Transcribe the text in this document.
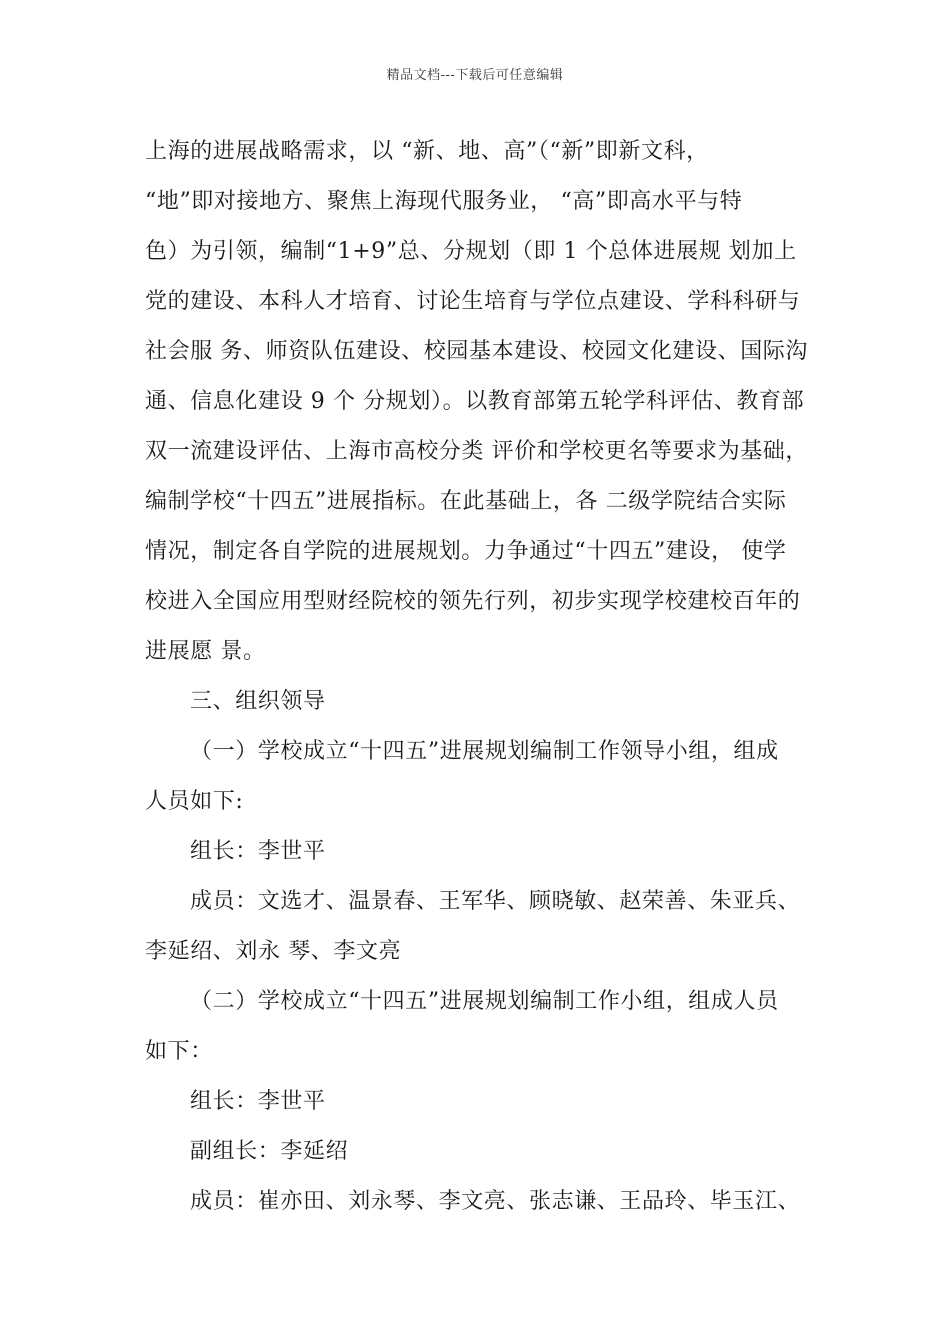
精品文档---下载后可任意编辑
上海的进展战略需求，以 “新、地、高”（“新”即新文科，
“地”即对接地方、聚焦上海现代服务业， “高”即高水平与特
色）为引领，编制“1+9”总、分规划（即 1 个总体进展规 划加上
党的建设、本科人才培育、讨论生培育与学位点建设、学科科研与
社会服 务、师资队伍建设、校园基本建设、校园文化建设、国际沟
通、信息化建设 9 个 分规划）。以教育部第五轮学科评估、教育部
双一流建设评估、上海市高校分类 评价和学校更名等要求为基础，
编制学校“十四五”进展指标。在此基础上，各 二级学院结合实际
情况，制定各自学院的进展规划。力争通过“十四五”建设， 使学
校进入全国应用型财经院校的领先行列，初步实现学校建校百年的
进展愿 景。
三、组织领导
（一）学校成立“十四五”进展规划编制工作领导小组，组成
人员如下:
组长：李世平
成员：文选才、温景春、王军华、顾晓敏、赵荣善、朱亚兵、
李延绍、刘永 琴、李文亮
（二）学校成立“十四五”进展规划编制工作小组，组成人员
如下：
组长：李世平
副组长：李延绍
成员：崔亦田、刘永琴、李文亮、张志谦、王品玲、毕玉江、
